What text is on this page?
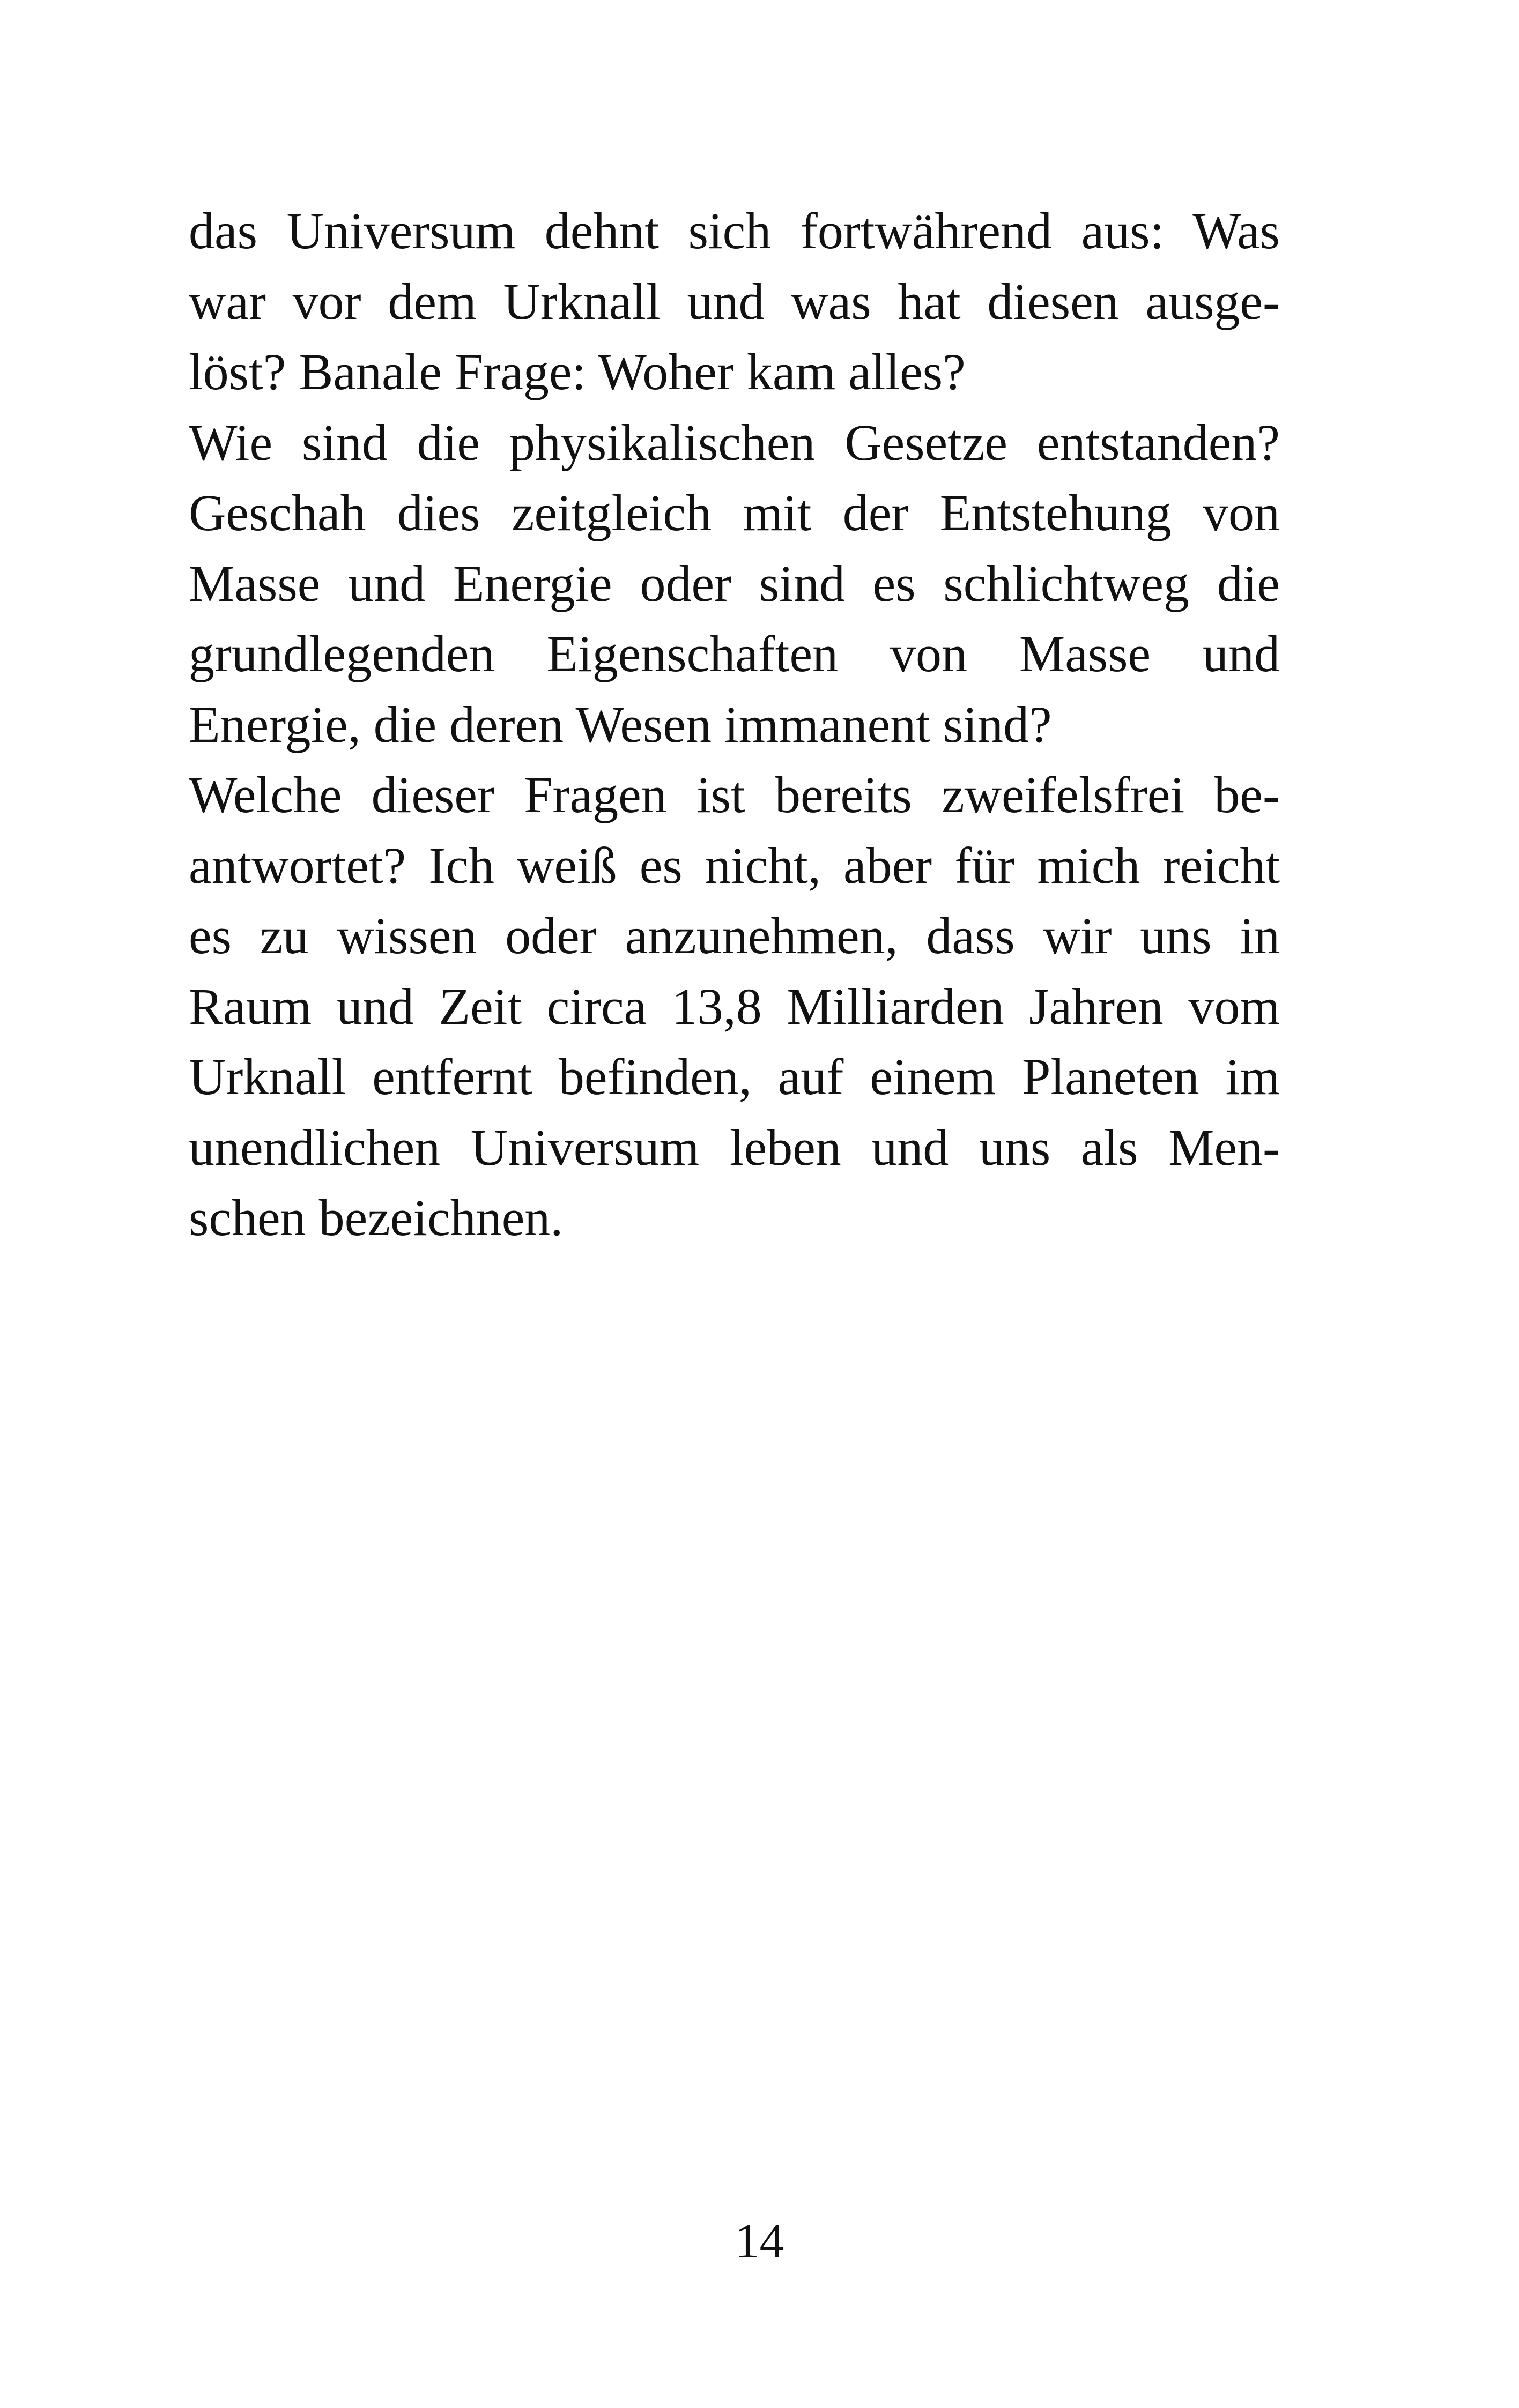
das Universum dehnt sich fortwährend aus: Was
war vor dem Urknall und was hat diesen ausge-
löst? Banale Frage: Woher kam alles?
Wie sind die physikalischen Gesetze entstanden?
Geschah dies zeitgleich mit der Entstehung von
Masse und Energie oder sind es schlichtweg die
grundlegenden Eigenschaften von Masse und
Energie, die deren Wesen immanent sind?
Welche dieser Fragen ist bereits zweifelsfrei be-
antwortet? Ich weiß es nicht, aber für mich reicht
es zu wissen oder anzunehmen, dass wir uns in
Raum und Zeit circa 13,8 Milliarden Jahren vom
Urknall entfernt befinden, auf einem Planeten im
unendlichen Universum leben und uns als Men-
schen bezeichnen.
14
